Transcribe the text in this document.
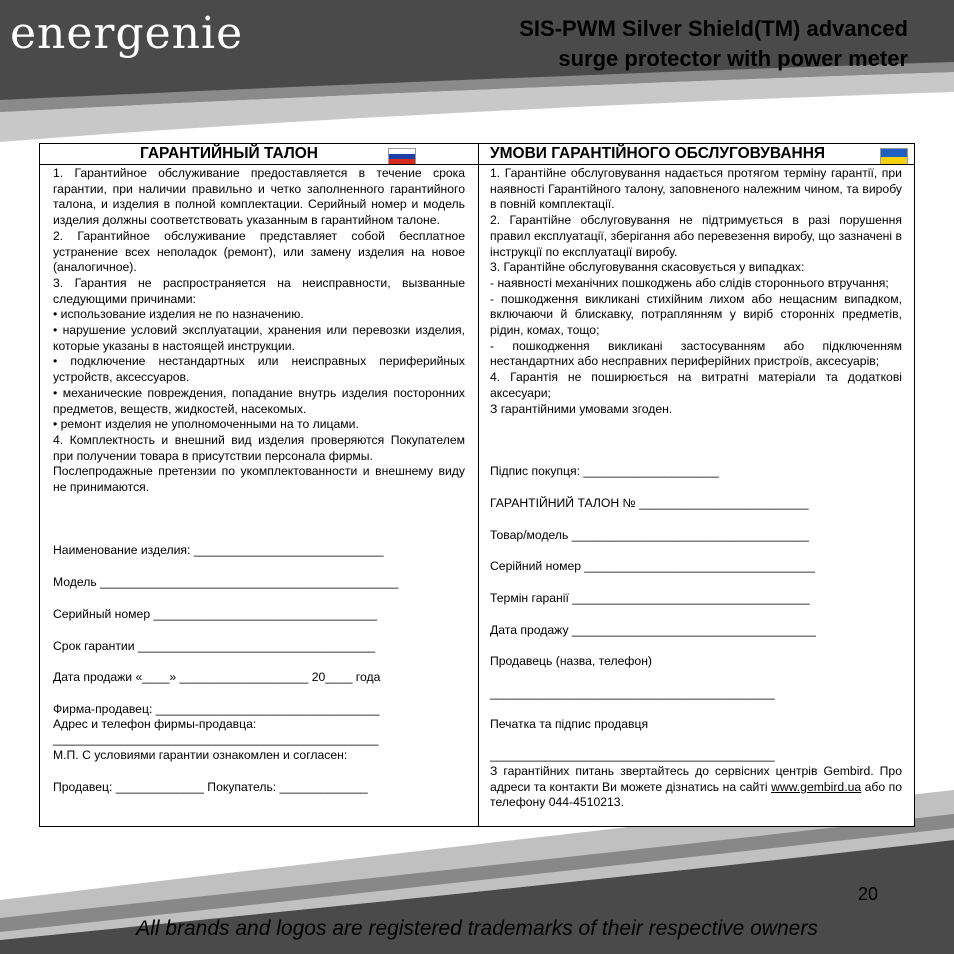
energenie	SIS-PWM Silver Shield(TM) advanced
surge protector with power meter
20
All brands and logos are registered trademarks of their respective owners
ГАРАНТИЙНЫЙ ТАЛОН

1. Гарантийное обслуживание предоставляется в течение срока гарантии, при наличии правильно и четко заполненного гарантийного талона, и изделия в полной комплектации. Серийный номер и модель изделия должны соответствовать указанным в гарантийном талоне.

2. Гарантийное обслуживание представляет собой бесплатное устранение всех неполадок (ремонт), или замену изделия на новое (аналогичное).

3. Гарантия не распространяется на неисправности, вызванные следующими причинами:

• использование изделия не по назначению.

• нарушение условий эксплуатации, хранения или перевозки изделия, которые указаны в настоящей инструкции.

• подключение нестандартных или неисправных периферийных устройств, аксессуаров.

• механические повреждения, попадание внутрь изделия посторонних предметов, веществ, жидкостей, насекомых.

• ремонт изделия не уполномоченными на то лицами.

4. Комплектность и внешний вид изделия проверяются Покупателем при получении товара в присутствии персонала фирмы.

Послепродажные претензии по укомплектованности и внешнему виду не принимаются.

Наименование изделия: ____________________________
Модель ____________________________________________
Серийный номер _________________________________
Срок гарантии ___________________________________
Дата продажи «____» ___________________ 20____ года
Фирма-продавец: _________________________________
Адрес и телефон фирмы-продавца:
________________________________________________
М.П. С условиями гарантии ознакомлен и согласен:
Продавец: _____________ Покупатель: _____________
УМОВИ ГАРАНТІЙНОГО ОБСЛУГОВУВАННЯ

1. Гарантійне обслуговування надається протягом терміну гарантії, при наявності Гарантійного талону, заповненого належним чином, та виробу в повній комплектації.

2. Гарантійне обслуговування не підтримується в разі порушення правил експлуатації, зберігання або перевезення виробу, що зазначені в інструкції по експлуатації виробу.

3. Гарантійне обслуговування скасовується у випадках:

- наявності механічних пошкоджень або слідів стороннього втручання;

- пошкодження викликані стихійним лихом або нещасним випадком, включаючи й блискавку, потраплянням у виріб сторонніх предметів, рідин, комах, тощо;

- пошкодження викликані застосуванням або підключенням нестандартних або несправних периферійних пристроїв, аксесуарів;

4. Гарантія не поширюється на витратні матеріали та додаткові аксесуари;

З гарантійними умовами згоден.

Підпис покупця: ____________________
ГАРАНТІЙНИЙ ТАЛОН № _________________________
Товар/модель ___________________________________
Серійний номер __________________________________
Термін гаранії ___________________________________
Дата продажу ____________________________________
Продавець (назва, телефон)
__________________________________________
Печатка та підпис продавця
__________________________________________
З гарантійних питань звертайтесь до сервісних центрів Gembird. Про адреси та контакти Ви можете дізнатись на сайті www.gembird.ua або по телефону 044-4510213.
